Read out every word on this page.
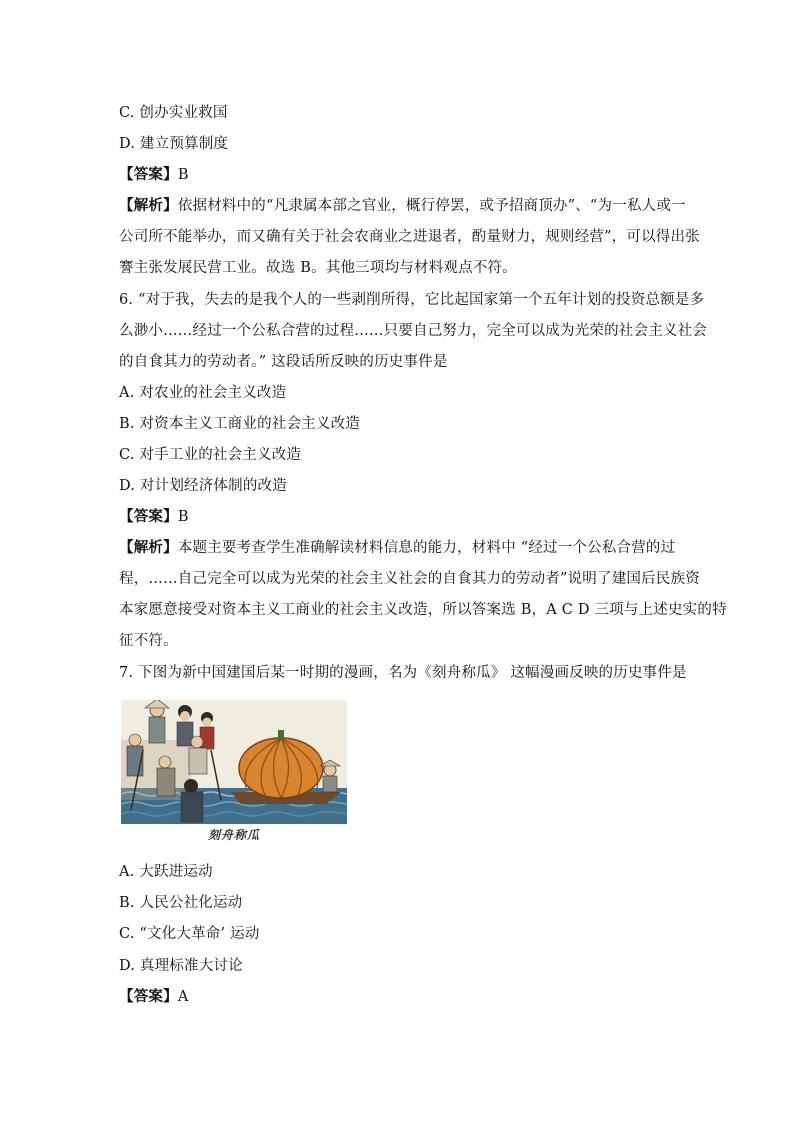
C. 创办实业救国
D. 建立预算制度
【答案】B
【解析】依据材料中的“凡隶属本部之官业，概行停罢，或予招商顶办”、“为一私人或一
公司所不能举办，而又确有关于社会农商业之进退者，酌量财力，规则经营”，可以得出张
謇主张发展民营工业。故选 B。其他三项均与材料观点不符。
6. “对于我，失去的是我个人的一些剥削所得，它比起国家第一个五年计划的投资总额是多
么渺小……经过一个公私合营的过程……只要自己努力，完全可以成为光荣的社会主义社会
的自食其力的劳动者。” 这段话所反映的历史事件是
A. 对农业的社会主义改造
B. 对资本主义工商业的社会主义改造
C. 对手工业的社会主义改造
D. 对计划经济体制的改造
【答案】B
【解析】本题主要考查学生准确解读材料信息的能力，材料中 “经过一个公私合营的过
程，……自己完全可以成为光荣的社会主义社会的自食其力的劳动者”说明了建国后民族资
本家愿意接受对资本主义工商业的社会主义改造，所以答案选 B，A C D 三项与上述史实的特
征不符。
7. 下图为新中国建国后某一时期的漫画，名为《刻舟称瓜》 这幅漫画反映的历史事件是
刻舟称瓜
A. 大跃进运动
B. 人民公社化运动
C. “文化大革命’ 运动
D. 真理标准大讨论
【答案】A
